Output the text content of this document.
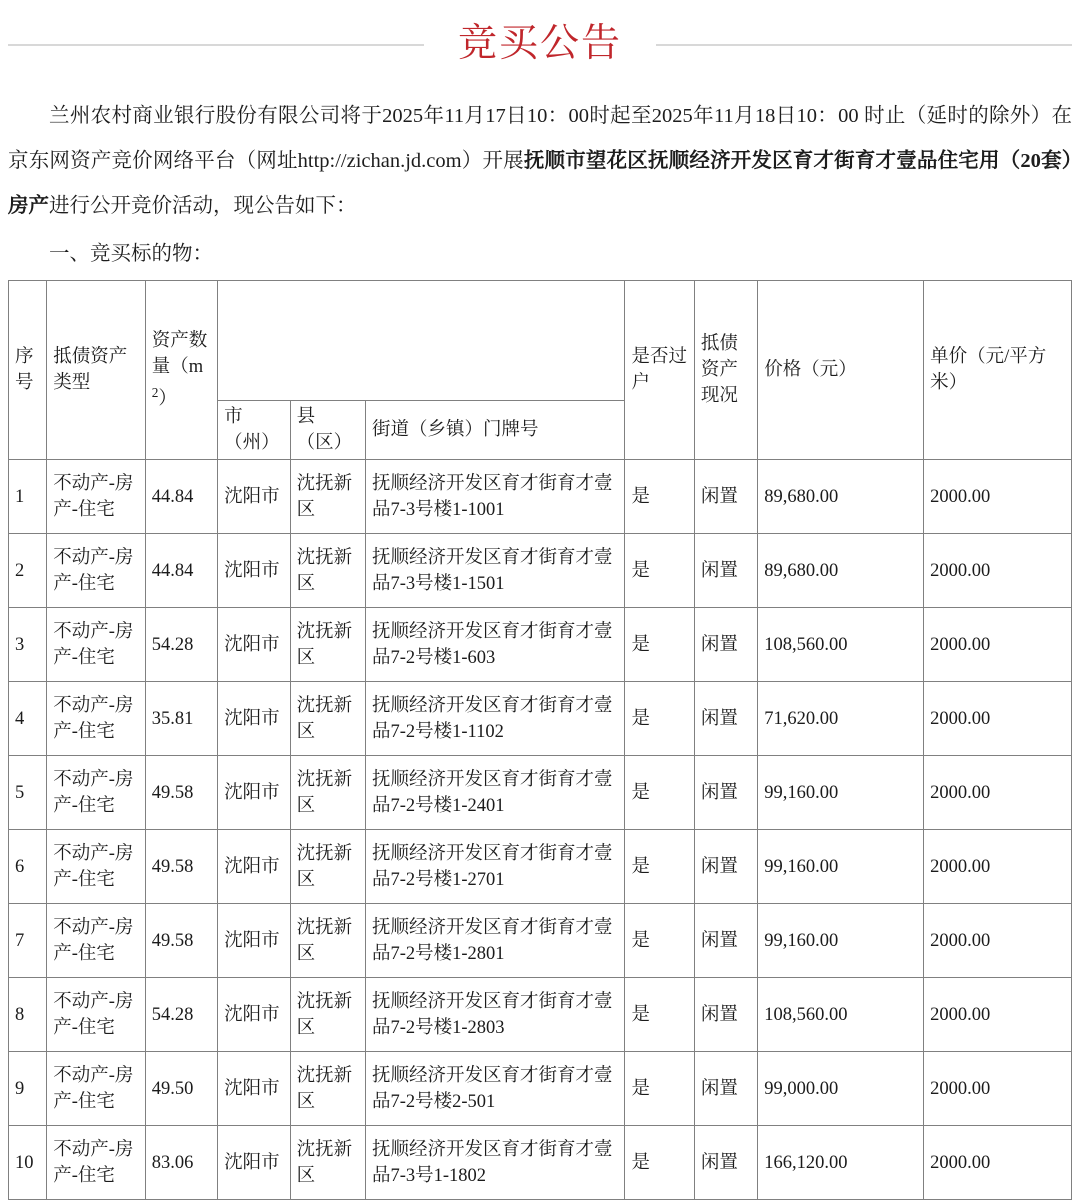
竞买公告

兰州农村商业银行股份有限公司将于2025年11月17日10：00时起至2025年11月18日10：00 时止（延时的除外）在京东网资产竞价网络平台（网址http://zichan.jd.com）开展抚顺市望花区抚顺经济开发区育才街育才壹品住宅用（20套）房产进行公开竞价活动，现公告如下：

一、竞买标的物：
序号	抵债资产类型	资产数量$(m^2)$				是否过户	抵债资产现况	价格（元）	单价（元/平方米）
			市（州）	县（区）	街道（乡镇）门牌号				
1	不动产-房产-住宅	44.84	沈阳市	沈抚新区	抚顺经济开发区育才街育才壹品7-3号楼1-1001	是	闲置	89,680.00	2000.00
2	不动产-房产-住宅	44.84	沈阳市	沈抚新区	抚顺经济开发区育才街育才壹品7-3号楼1-1501	是	闲置	89,680.00	2000.00
3	不动产-房产-住宅	54.28	沈阳市	沈抚新区	抚顺经济开发区育才街育才壹品7-2号楼1-603	是	闲置	108,560.00	2000.00
4	不动产-房产-住宅	35.81	沈阳市	沈抚新区	抚顺经济开发区育才街育才壹品7-2号楼1-1102	是	闲置	71,620.00	2000.00
5	不动产-房产-住宅	49.58	沈阳市	沈抚新区	抚顺经济开发区育才街育才壹品7-2号楼1-2401	是	闲置	99,160.00	2000.00
6	不动产-房产-住宅	49.58	沈阳市	沈抚新区	抚顺经济开发区育才街育才壹品7-2号楼1-2701	是	闲置	99,160.00	2000.00
7	不动产-房产-住宅	49.58	沈阳市	沈抚新区	抚顺经济开发区育才街育才壹品7-2号楼1-2801	是	闲置	99,160.00	2000.00
8	不动产-房产-住宅	54.28	沈阳市	沈抚新区	抚顺经济开发区育才街育才壹品7-2号楼1-2803	是	闲置	108,560.00	2000.00
9	不动产-房产-住宅	49.50	沈阳市	沈抚新区	抚顺经济开发区育才街育才壹品7-2号楼2-501	是	闲置	99,000.00	2000.00
10	不动产-房产-住宅	83.06	沈阳市	沈抚新区	抚顺经济开发区育才街育才壹品7-3号1-1802	是	闲置	166,120.00	2000.00
